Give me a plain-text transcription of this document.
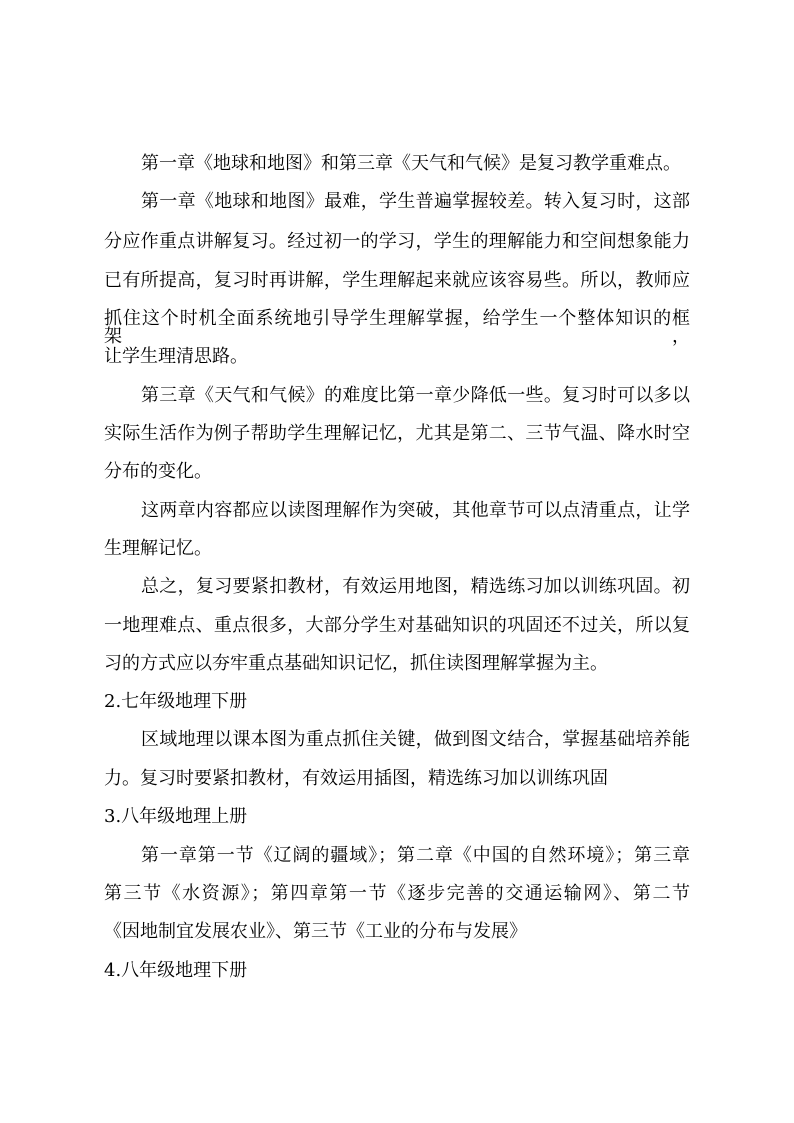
第一章《地球和地图》和第三章《天气和气候》是复习教学重难点。
第一章《地球和地图》最难，学生普遍掌握较差。转入复习时，这部
分应作重点讲解复习。经过初一的学习，学生的理解能力和空间想象能力
已有所提高，复习时再讲解，学生理解起来就应该容易些。所以，教师应
抓住这个时机全面系统地引导学生理解掌握，给学生一个整体知识的框架，
让学生理清思路。
第三章《天气和气候》的难度比第一章少降低一些。复习时可以多以
实际生活作为例子帮助学生理解记忆，尤其是第二、三节气温、降水时空
分布的变化。
这两章内容都应以读图理解作为突破，其他章节可以点清重点，让学
生理解记忆。
总之，复习要紧扣教材，有效运用地图，精选练习加以训练巩固。初
一地理难点、重点很多，大部分学生对基础知识的巩固还不过关，所以复
习的方式应以夯牢重点基础知识记忆，抓住读图理解掌握为主。
2.七年级地理下册
区域地理以课本图为重点抓住关键，做到图文结合，掌握基础培养能
力。复习时要紧扣教材，有效运用插图，精选练习加以训练巩固
3.八年级地理上册
第一章第一节《辽阔的疆域》；第二章《中国的自然环境》；第三章
第三节《水资源》；第四章第一节《逐步完善的交通运输网》、第二节
《因地制宜发展农业》、第三节《工业的分布与发展》
4.八年级地理下册
